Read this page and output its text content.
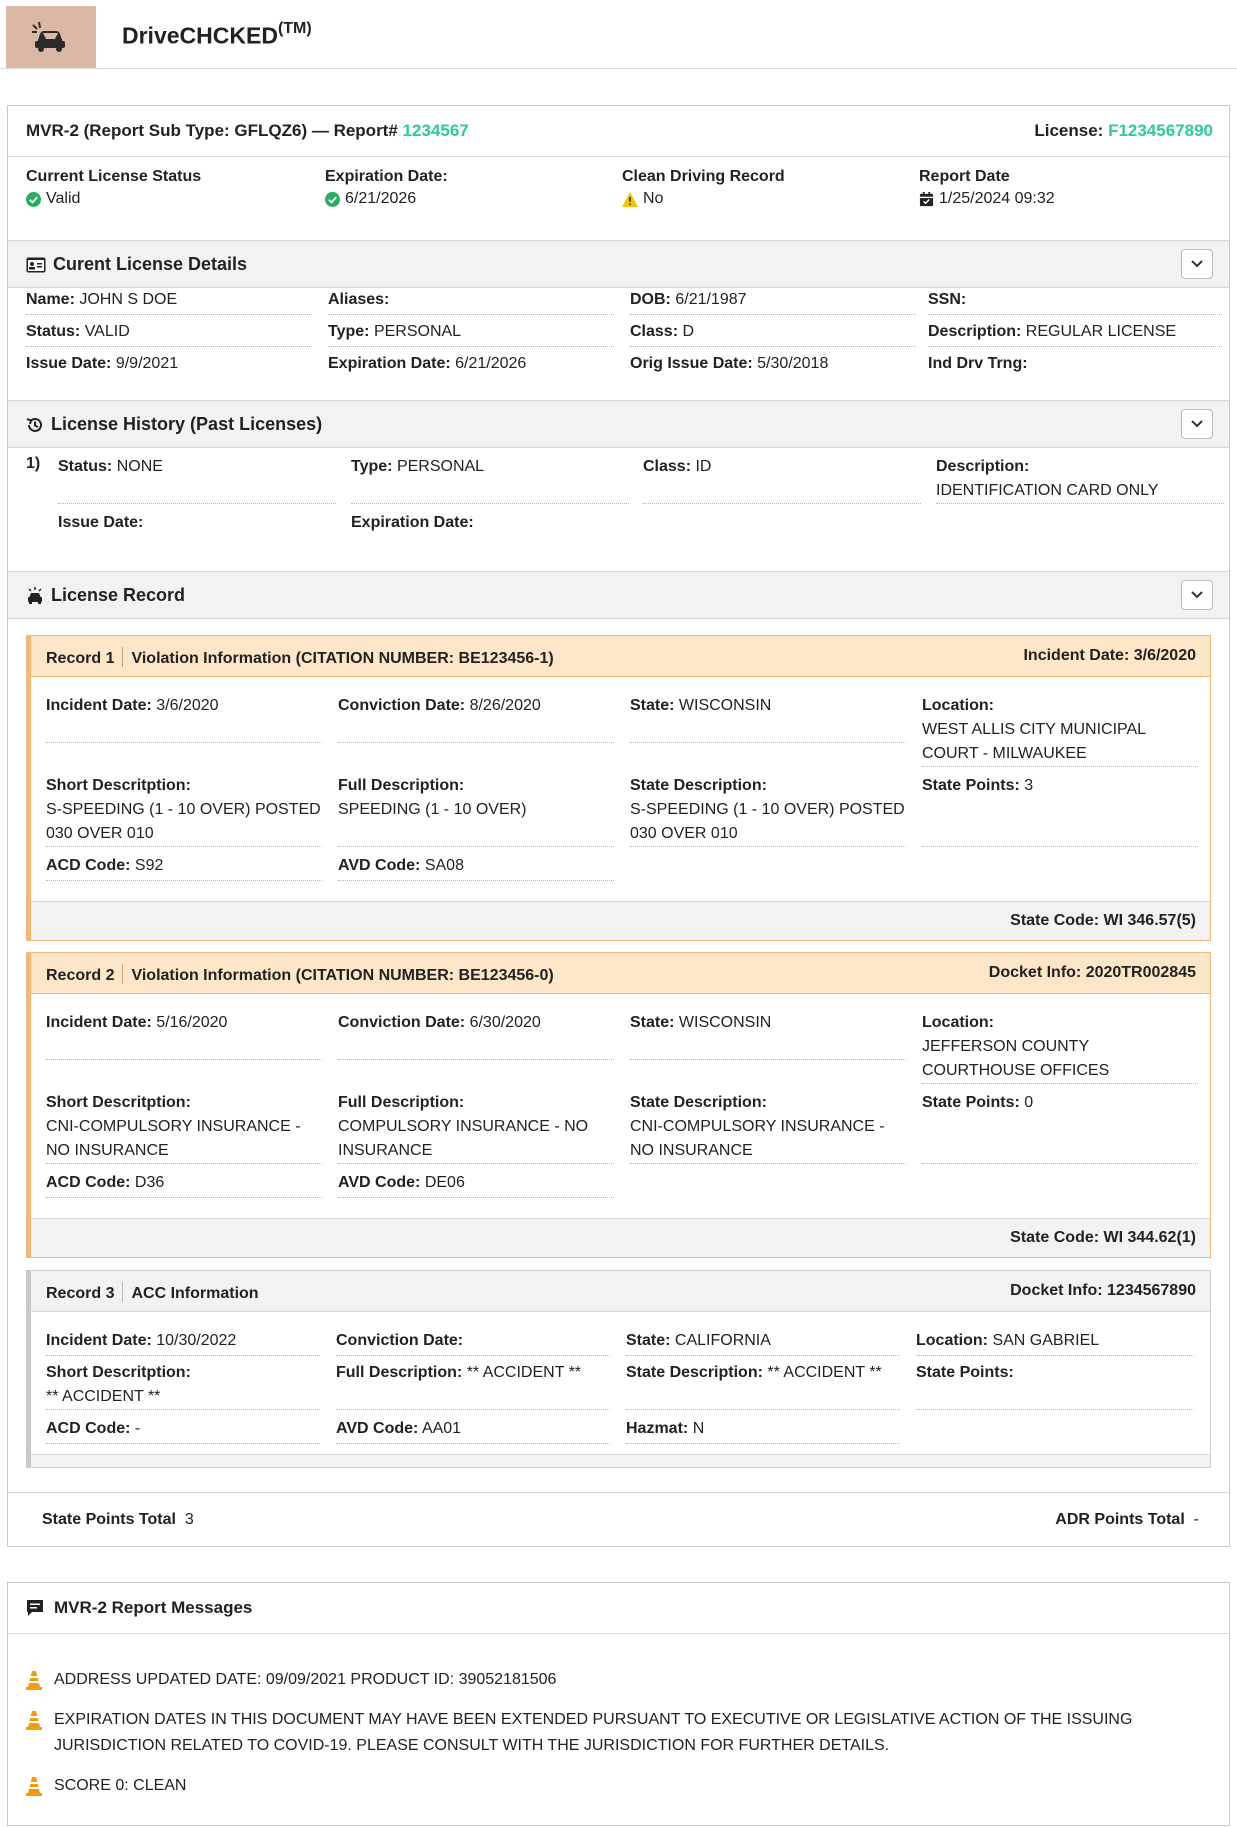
DriveCHCKED$^{(TM)}$
MVR-2 (Report Sub Type: GFLQZ6) — Report# 1234567	License: F1234567890
Current License Status
Valid
Expiration Date:
6/21/2026
Clean Driving Record
No
Report Date
1/25/2024 09:32
Curent License Details
Name: JOHN S DOE	Aliases:	DOB: 6/21/1987	SSN:
Status: VALID	Type: PERSONAL	Class: D	Description: REGULAR LICENSE
Issue Date: 9/9/2021	Expiration Date: 6/21/2026	Orig Issue Date: 5/30/2018	Ind Drv Trng:
License History (Past Licenses)
1) Status: NONE	Type: PERSONAL	Class: ID	Description:
IDENTIFICATION CARD ONLY
Issue Date:	Expiration Date:
License Record
Record 1 Violation Information (CITATION NUMBER: BE123456-1)	Incident Date: 3/6/2020
Incident Date: 3/6/2020	Conviction Date: 8/26/2020	State: WISCONSIN	Location:
WEST ALLIS CITY MUNICIPAL COURT - MILWAUKEE
Short Descritption:
S-SPEEDING (1 - 10 OVER) POSTED 030 OVER 010
Full Description:
SPEEDING (1 - 10 OVER)
State Description:
S-SPEEDING (1 - 10 OVER) POSTED 030 OVER 010
State Points: 3
ACD Code: S92	AVD Code: SA08
State Code: WI 346.57(5)
Record 2 Violation Information (CITATION NUMBER: BE123456-0)	Docket Info: 2020TR002845
Incident Date: 5/16/2020	Conviction Date: 6/30/2020	State: WISCONSIN	Location:
JEFFERSON COUNTY COURTHOUSE OFFICES
Short Descritption:
CNI-COMPULSORY INSURANCE - NO INSURANCE
Full Description:
COMPULSORY INSURANCE - NO INSURANCE
State Description:
CNI-COMPULSORY INSURANCE - NO INSURANCE
State Points: 0
ACD Code: D36	AVD Code: DE06
State Code: WI 344.62(1)
Record 3 ACC Information	Docket Info: 1234567890
Incident Date: 10/30/2022	Conviction Date:	State: CALIFORNIA	Location: SAN GABRIEL
Short Descritption:
** ACCIDENT **
Full Description: ** ACCIDENT **	State Description: ** ACCIDENT **	State Points:
ACD Code: -	AVD Code: AA01	Hazmat: N
State Points Total 3	ADR Points Total -
MVR-2 Report Messages
ADDRESS UPDATED DATE: 09/09/2021 PRODUCT ID: 39052181506
EXPIRATION DATES IN THIS DOCUMENT MAY HAVE BEEN EXTENDED PURSUANT TO EXECUTIVE OR LEGISLATIVE ACTION OF THE ISSUING JURISDICTION RELATED TO COVID-19. PLEASE CONSULT WITH THE JURISDICTION FOR FURTHER DETAILS.
SCORE 0: CLEAN
